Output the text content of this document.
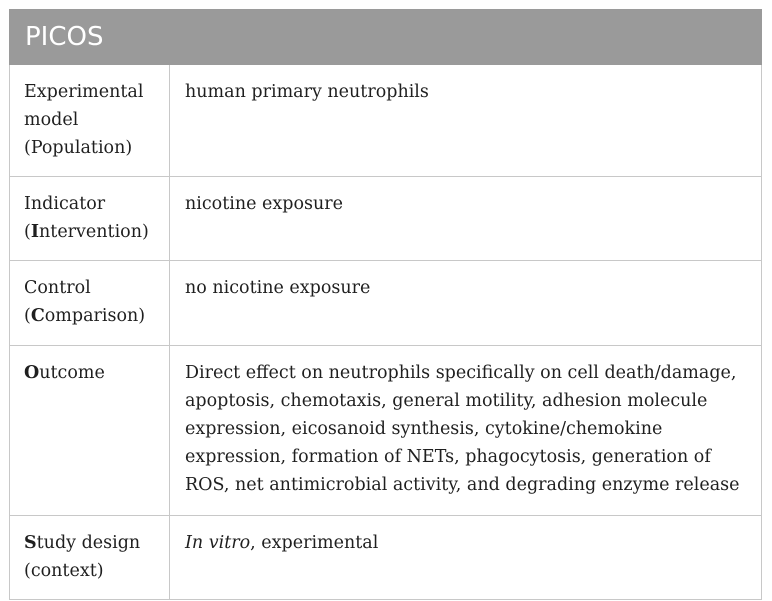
PICOS	

Experimental
model
(Population)	human primary neutrophils

Indicator
(Intervention)	nicotine exposure

Control
(Comparison)	no nicotine exposure

Outcome	Direct effect on neutrophils specifically on cell death/damage,
apoptosis, chemotaxis, general motility, adhesion molecule
expression, eicosanoid synthesis, cytokine/chemokine
expression, formation of NETs, phagocytosis, generation of
ROS, net antimicrobial activity, and degrading enzyme release

Study design
(context)	In vitro, experimental
